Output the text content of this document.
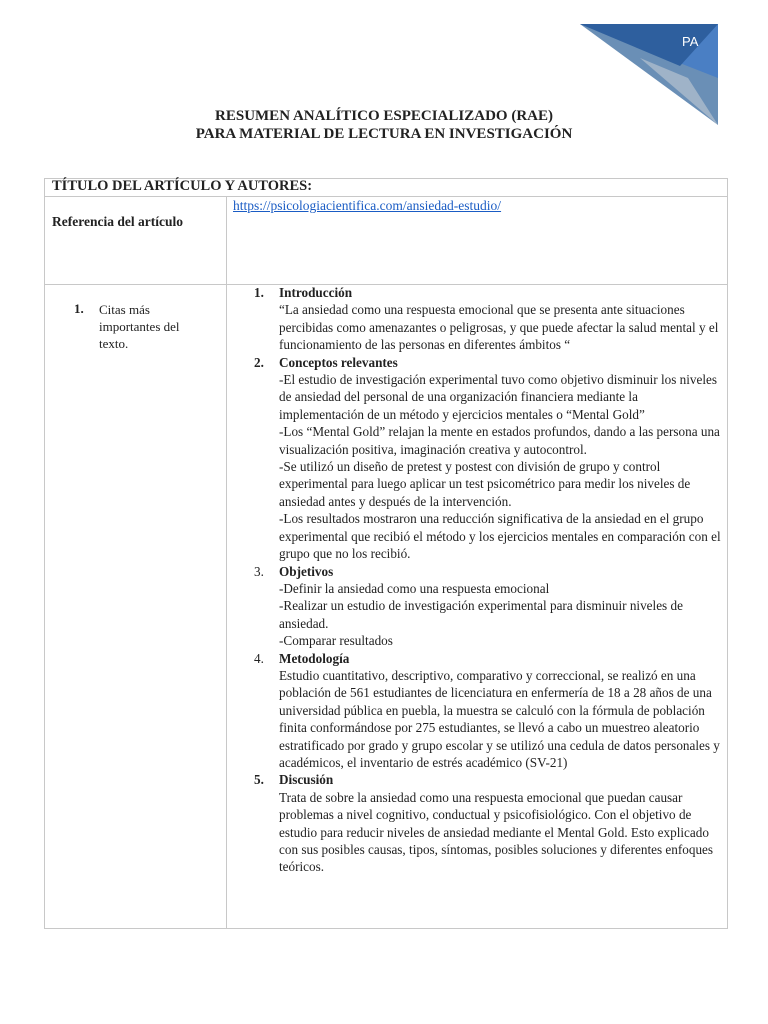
PA
RESUMEN ANALÍTICO ESPECIALIZADO (RAE)
PARA MATERIAL DE LECTURA EN INVESTIGACIÓN
TÍTULO DEL ARTÍCULO Y AUTORES:
Referencia del artículo
https://psicologiacientifica.com/ansiedad-estudio/
1. Citas más importantes del texto.
1. Introducción

“La ansiedad como una respuesta emocional que se presenta ante situaciones percibidas como amenazantes o peligrosas, y que puede afectar la salud mental y el funcionamiento de las personas en diferentes ámbitos “

2. Conceptos relevantes

-El estudio de investigación experimental tuvo como objetivo disminuir los niveles de ansiedad del personal de una organización financiera mediante la implementación de un método y ejercicios mentales o “Mental Gold”

-Los “Mental Gold” relajan la mente en estados profundos, dando a las persona una visualización positiva, imaginación creativa y autocontrol.

-Se utilizó un diseño de pretest y postest con división de grupo y control experimental para luego aplicar un test psicométrico para medir los niveles de ansiedad antes y después de la intervención.

-Los resultados mostraron una reducción significativa de la ansiedad en el grupo experimental que recibió el método y los ejercicios mentales en comparación con el grupo que no los recibió.

3. Objetivos

-Definir la ansiedad como una respuesta emocional

-Realizar un estudio de investigación experimental para disminuir niveles de ansiedad.

-Comparar resultados

4. Metodología

Estudio cuantitativo, descriptivo, comparativo y correccional, se realizó en una población de 561 estudiantes de licenciatura en enfermería de 18 a 28 años de una universidad pública en puebla, la muestra se calculó con la fórmula de población finita conformándose por 275 estudiantes, se llevó a cabo un muestreo aleatorio estratificado por grado y grupo escolar y se utilizó una cedula de datos personales y académicos, el inventario de estrés académico (SV-21)

5. Discusión

Trata de sobre la ansiedad como una respuesta emocional que puedan causar problemas a nivel cognitivo, conductual y psicofisiológico. Con el objetivo de estudio para reducir niveles de ansiedad mediante el Mental Gold. Esto explicado con sus posibles causas, tipos, síntomas, posibles soluciones y diferentes enfoques teóricos.
